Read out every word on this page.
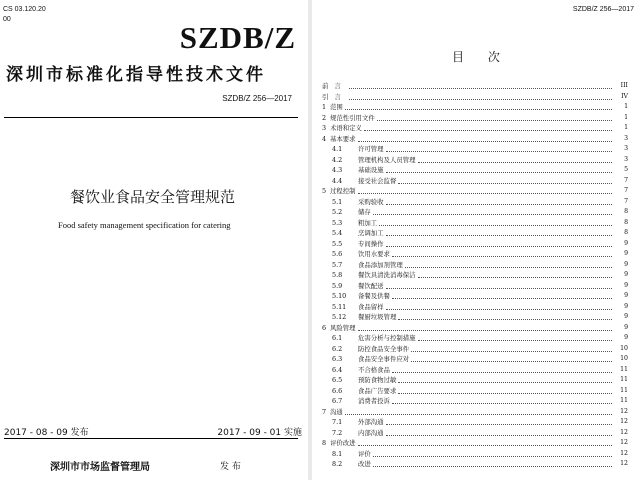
CS 03.120.20
00
SZDB/Z
深圳市标准化指导性技术文件
SZDB/Z 256—2017
餐饮业食品安全管理规范
Food safety management specification for catering
2017 - 08 - 09 发布	2017 - 09 - 01 实施
深圳市市场监督管理局	发 布
SZDB/Z 256—2017
目 次
前言	III
引言	IV
1 范围	1
2 规范性引用文件	1
3 术语和定义	1
4 基本要求	3
4.1	许可管理	3
4.2	管理机构及人员管理	3
4.3	基础设施	5
4.4	接受社会监督	7
5 过程控制	7
5.1	采购验收	7
5.2	储存	8
5.3	粗加工	8
5.4	烹调加工	8
5.5	专间操作	9
5.6	饮用水要求	9
5.7	食品添加剂管理	9
5.8	餐饮具清洗消毒保洁	9
5.9	餐饮配送	9
5.10	备餐及供餐	9
5.11	食品留样	9
5.12	餐厨垃圾管理	9
6 风险管理	9
6.1	危害分析与控制措施	9
6.2	防控食品安全事件	10
6.3	食品安全事件应对	10
6.4	不合格食品	11
6.5	预防食物过敏	11
6.6	食品广告要求	11
6.7	消费者投诉	11
7 沟通	12
7.1	外部沟通	12
7.2	内部沟通	12
8 评价改进	12
8.1	评价	12
8.2	改进	12
